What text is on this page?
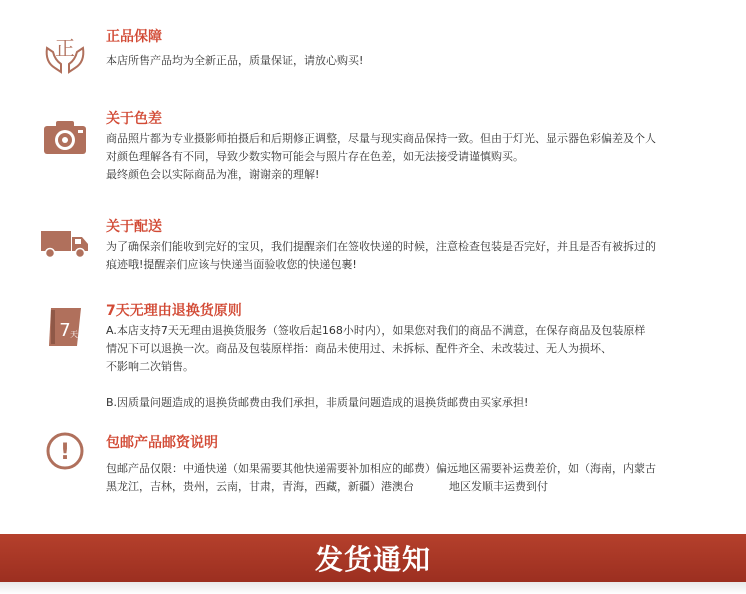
正 正品保障

本店所售产品均为全新正品，质量保证，请放心购买!

关于色差

商品照片都为专业摄影师拍摄后和后期修正调整，尽量与现实商品保持一致。但由于灯光、显示器色彩偏差及个人

对颜色理解各有不同，导致少数实物可能会与照片存在色差，如无法接受请谨慎购买。

最终颜色会以实际商品为准，谢谢亲的理解!

关于配送

为了确保亲们能收到完好的宝贝，我们提醒亲们在签收快递的时候，注意检查包装是否完好，并且是否有被拆过的

痕迹哦!提醒亲们应该与快递当面验收您的快递包裹!

7 天
7天无理由退换货原则

A.本店支持7天无理由退换货服务（签收后起168小时内），如果您对我们的商品不满意，在保存商品及包装原样

情况下可以退换一次。商品及包装原样指：商品未使用过、未拆标、配件齐全、未改装过、无人为损坏、

不影响二次销售。

B.因质量问题造成的退换货邮费由我们承担，非质量问题造成的退换货邮费由买家承担!

!	包邮产品邮资说明

包邮产品仅限：中通快递（如果需要其他快递需要补加相应的邮费）偏远地区需要补运费差价，如（海南，内蒙古

黑龙江，吉林，贵州，云南，甘肃，青海，西藏，新疆）港澳台          地区发顺丰运费到付

发货通知
